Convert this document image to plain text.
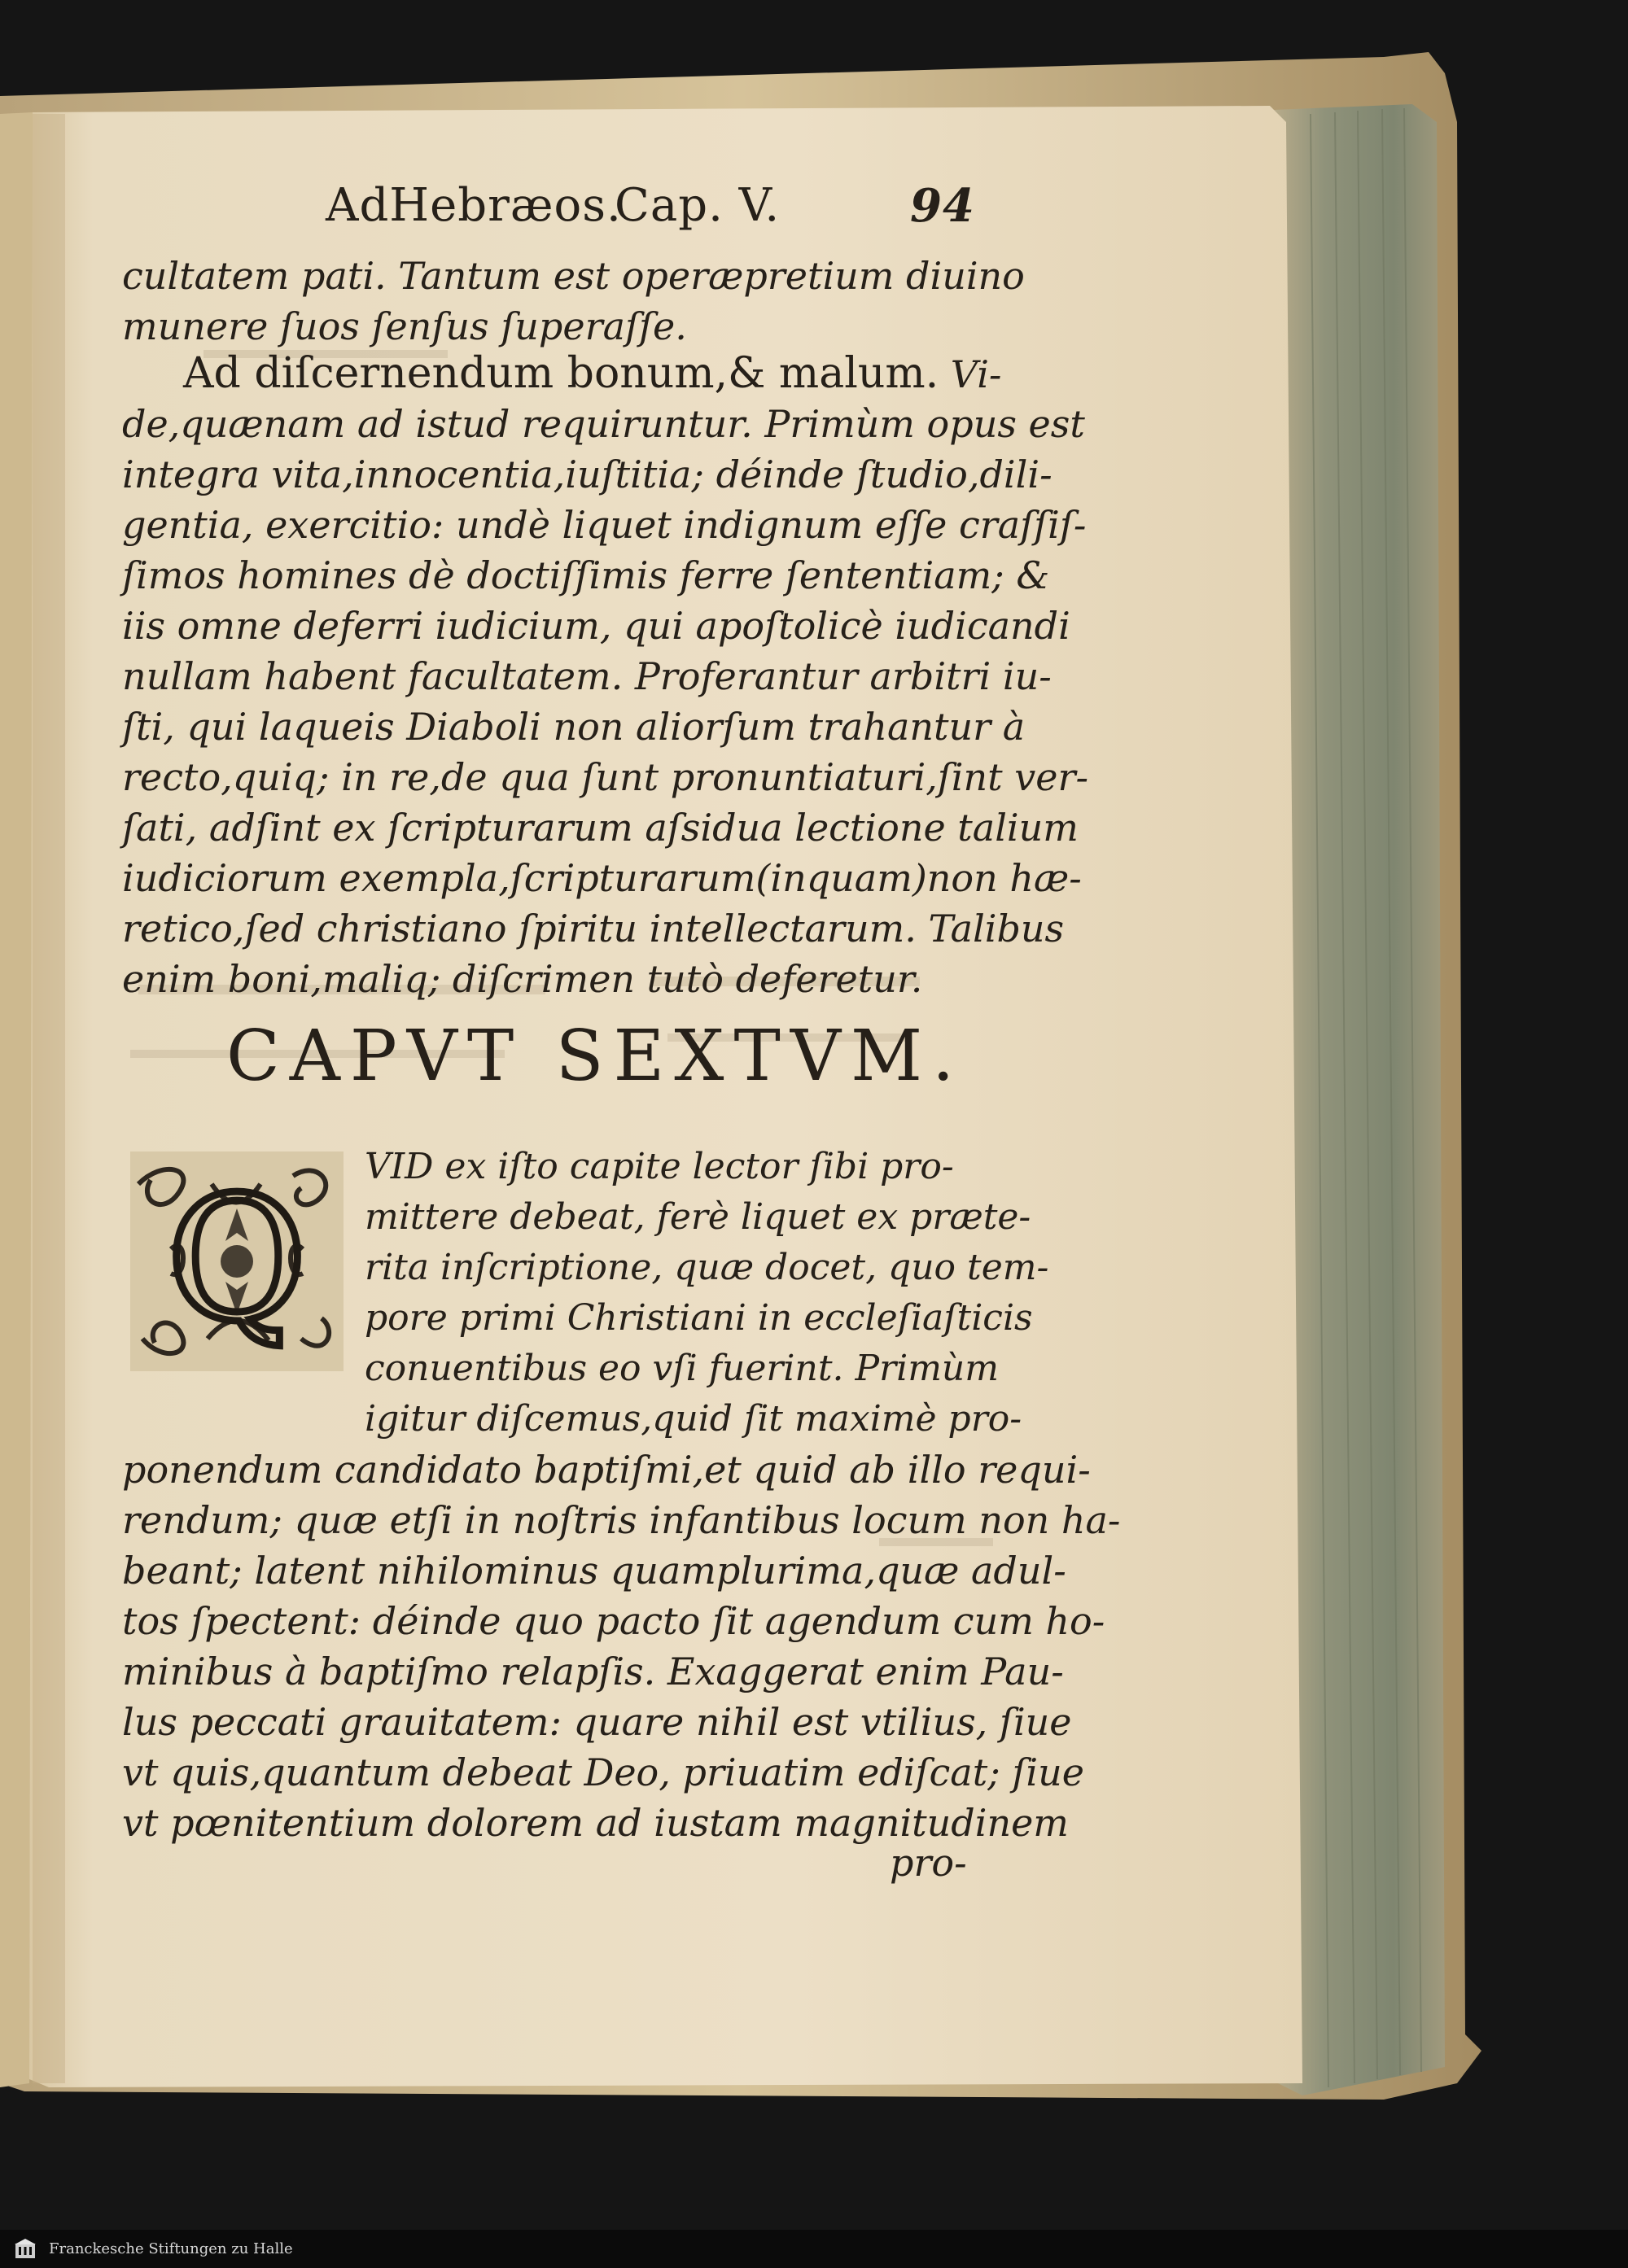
AdHebræos.
Cap. V.	94
cultatem pati. Tantum est operæpretium diuino
munere ſuos ſenſus ſuperaſſe.
Ad diſcernendum bonum,& malum. Vi-
de,quænam ad istud requiruntur. Primùm opus est
integra vita,innocentia,iuſtitia; déinde ſtudio,dili-
gentia, exercitio: undè liquet indignum eſſe craſſiſ-
ſimos homines dè doctiſſimis ferre ſententiam; &
iis omne deferri iudicium, qui apoſtolicè iudicandi
nullam habent facultatem. Proferantur arbitri iu-
ſti, qui laqueis Diaboli non aliorſum trahantur à
recto,quiq; in re,de qua ſunt pronuntiaturi,ſint ver-
ſati, adſint ex ſcripturarum aſsidua lectione talium
iudiciorum exempla,ſcripturarum(inquam)non hæ-
retico,ſed christiano ſpiritu intellectarum. Talibus
enim boni,maliq; diſcrimen tutò deferetur.
CAPVT SEXTVM.
Q VID ex iſto capite lector ſibi pro-
mittere debeat, ferè liquet ex præte-
rita inſcriptione, quæ docet, quo tem-
pore primi Christiani in eccleſiaſticis
conuentibus eo vſi fuerint. Primùm
igitur diſcemus,quid ſit maximè pro-
ponendum candidato baptiſmi,et quid ab illo requi-
rendum; quæ etſi in noſtris infantibus locum non ha-
beant; latent nihilominus quamplurima,quæ adul-
tos ſpectent: déinde quo pacto ſit agendum cum ho-
minibus à baptiſmo relapſis. Exaggerat enim Pau-
lus peccati grauitatem: quare nihil est vtilius, ſiue
vt quis,quantum debeat Deo, priuatim ediſcat; ſiue
vt pœnitentium dolorem ad iustam magnitudinem
pro-
Franckesche Stiftungen zu Halle
